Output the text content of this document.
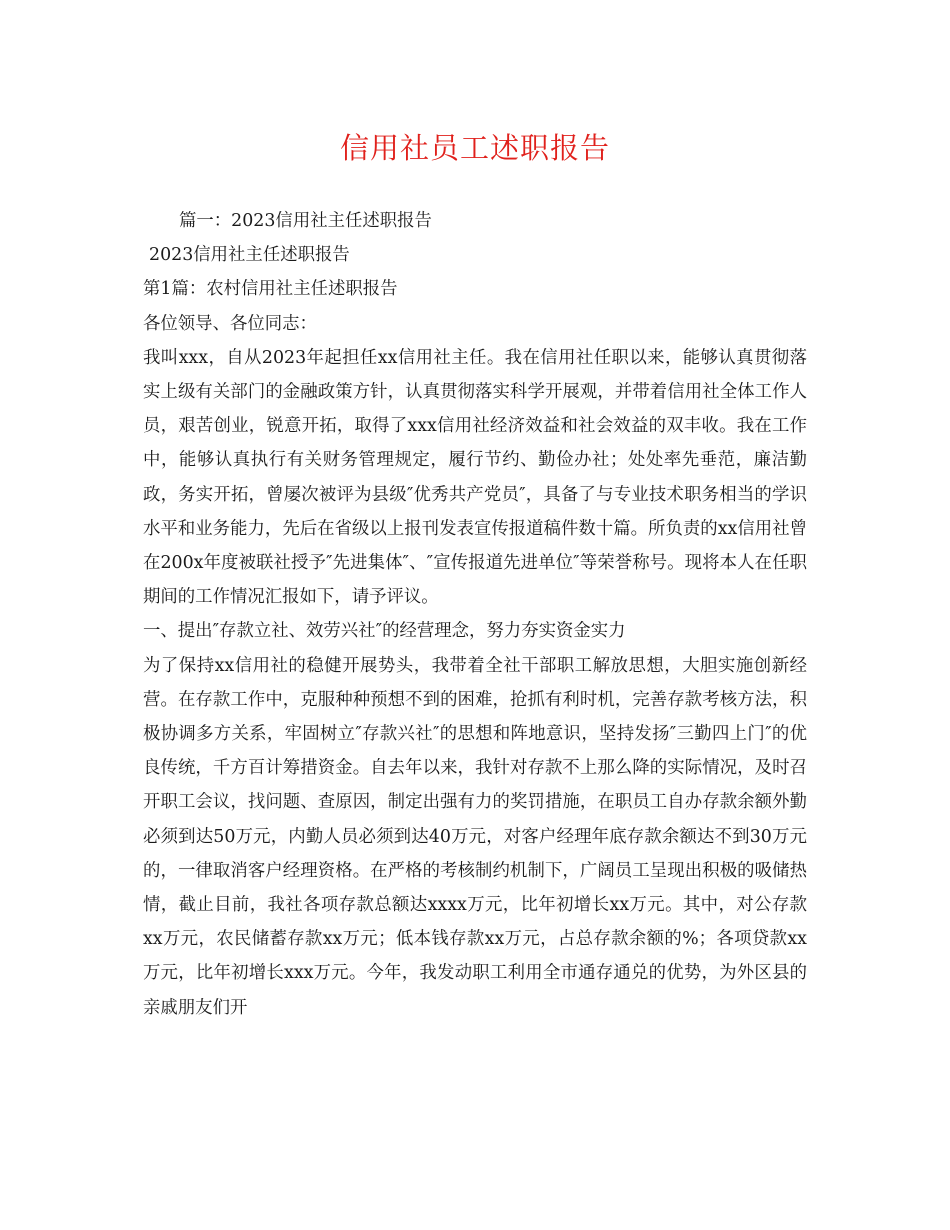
信用社员工述职报告

篇一：2023信用社主任述职报告

2023信用社主任述职报告

第1篇：农村信用社主任述职报告

各位领导、各位同志：

我叫xxx，自从2023年起担任xx信用社主任。我在信用社任职以来，能够认真贯彻落实上级有关部门的金融政策方针，认真贯彻落实科学开展观，并带着信用社全体工作人员，艰苦创业，锐意开拓，取得了xxx信用社经济效益和社会效益的双丰收。我在工作中，能够认真执行有关财务管理规定，履行节约、勤俭办社；处处率先垂范，廉洁勤政，务实开拓，曾屡次被评为县级″优秀共产党员″，具备了与专业技术职务相当的学识水平和业务能力，先后在省级以上报刊发表宣传报道稿件数十篇。所负责的xx信用社曾在200x年度被联社授予″先进集体″、″宣传报道先进单位″等荣誉称号。现将本人在任职期间的工作情况汇报如下，请予评议。

一、提出″存款立社、效劳兴社″的经营理念，努力夯实资金实力

为了保持xx信用社的稳健开展势头，我带着全社干部职工解放思想，大胆实施创新经营。在存款工作中，克服种种预想不到的困难，抢抓有利时机，完善存款考核方法，积极协调多方关系，牢固树立″存款兴社″的思想和阵地意识，坚持发扬″三勤四上门″的优良传统，千方百计筹措资金。自去年以来，我针对存款不上那么降的实际情况，及时召开职工会议，找问题、查原因，制定出强有力的奖罚措施，在职员工自办存款余额外勤必须到达50万元，内勤人员必须到达40万元，对客户经理年底存款余额达不到30万元的，一律取消客户经理资格。在严格的考核制约机制下，广阔员工呈现出积极的吸储热情，截止目前，我社各项存款总额达xxxx万元，比年初增长xx万元。其中，对公存款xx万元，农民储蓄存款xx万元；低本钱存款xx万元，占总存款余额的%；各项贷款xx万元，比年初增长xxx万元。今年，我发动职工利用全市通存通兑的优势，为外区县的亲戚朋友们开
